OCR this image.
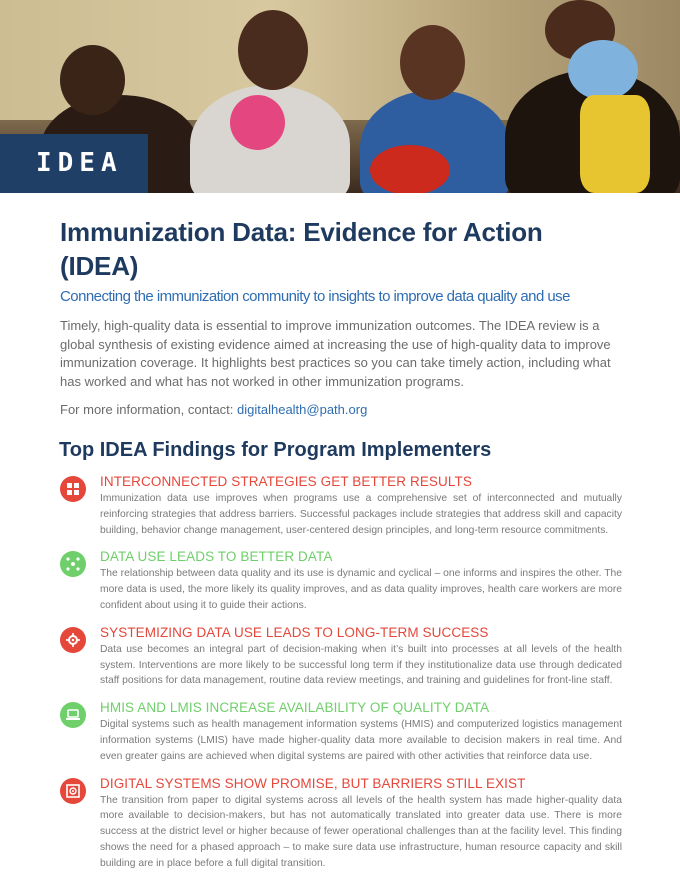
IDEA
Immunization Data: Evidence for Action (IDEA)

Connecting the immunization community to insights to improve data quality and use

Timely, high-quality data is essential to improve immunization outcomes. The IDEA review is a global synthesis of existing evidence aimed at increasing the use of high-quality data to improve immunization coverage. It highlights best practices so you can take timely action, including what has worked and what has not worked in other immunization programs.

For more information, contact: digitalhealth@path.org

Top IDEA Findings for Program Implementers

INTERCONNECTED STRATEGIES GET BETTER RESULTS

Immunization data use improves when programs use a comprehensive set of interconnected and mutually reinforcing strategies that address barriers. Successful packages include strategies that address skill and capacity building, behavior change management, user-centered design principles, and long-term resource commitments.

DATA USE LEADS TO BETTER DATA

The relationship between data quality and its use is dynamic and cyclical – one informs and inspires the other. The more data is used, the more likely its quality improves, and as data quality improves, health care workers are more confident about using it to guide their actions.

SYSTEMIZING DATA USE LEADS TO LONG-TERM SUCCESS

Data use becomes an integral part of decision-making when it’s built into processes at all levels of the health system. Interventions are more likely to be successful long term if they institutionalize data use through dedicated staff positions for data management, routine data review meetings, and training and guidelines for front-line staff.

HMIS AND LMIS INCREASE AVAILABILITY OF QUALITY DATA

Digital systems such as health management information systems (HMIS) and computerized logistics management information systems (LMIS) have made higher-quality data more available to decision makers in real time. And even greater gains are achieved when digital systems are paired with other activities that reinforce data use.

DIGITAL SYSTEMS SHOW PROMISE, BUT BARRIERS STILL EXIST

The transition from paper to digital systems across all levels of the health system has made higher-quality data more available to decision-makers, but has not automatically translated into greater data use. There is more success at the district level or higher because of fewer operational challenges than at the facility level. This finding shows the need for a phased approach – to make sure data use infrastructure, human resource capacity and skill building are in place before a full digital transition.
